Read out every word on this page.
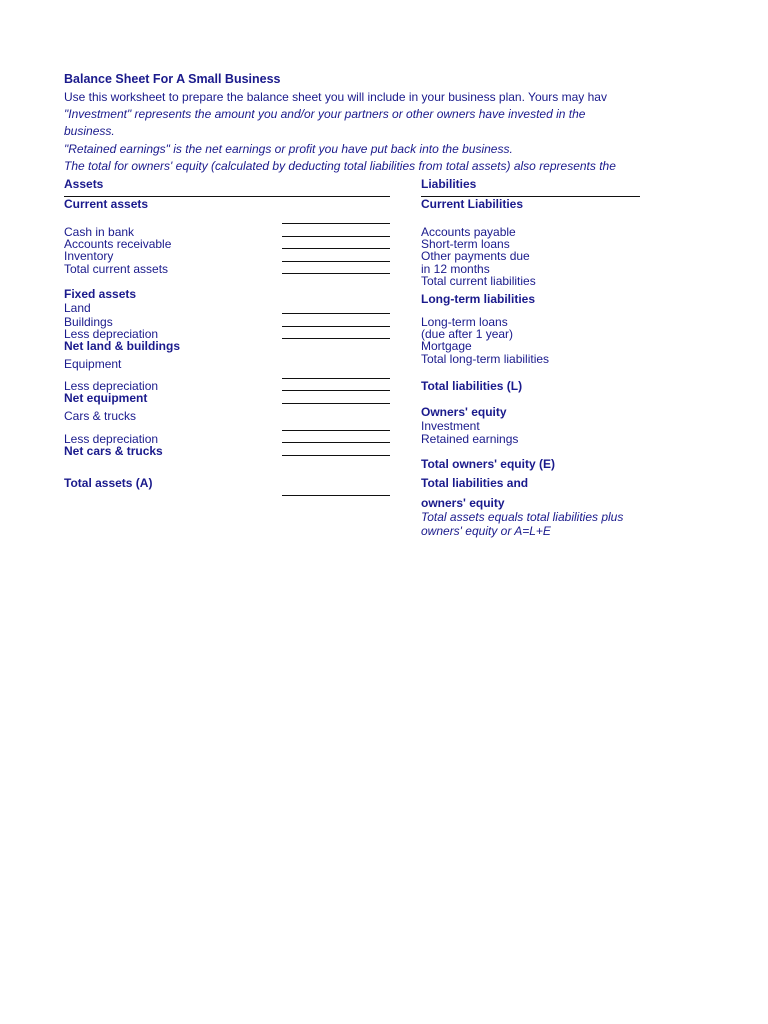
Balance Sheet For A Small Business
Use this worksheet to prepare the balance sheet you will include in your business plan. Yours may hav
"Investment" represents the amount you and/or your partners or other owners have invested in the
business.
"Retained earnings" is the net earnings or profit you have put back into the business.
The total for owners' equity (calculated by deducting total liabilities from total assets) also represents the
Assets	Liabilities
Current assets
Cash in bank
Accounts receivable
Inventory
Total current assets
Fixed assets
Land
Buildings
Less depreciation
Net land & buildings
Equipment
Less depreciation
Net equipment
Cars & trucks
Less depreciation
Net cars & trucks
Total assets (A)
Current Liabilities
Accounts payable
Short-term loans
Other payments due
in 12 months
Total current liabilities
Long-term liabilities
Long-term loans
(due after 1 year)
Mortgage
Total long-term liabilities
Total liabilities (L)
Owners' equity
Investment
Retained earnings
Total owners' equity (E)
Total liabilities and
owners' equity
Total assets equals total liabilities plus
owners' equity or A=L+E
